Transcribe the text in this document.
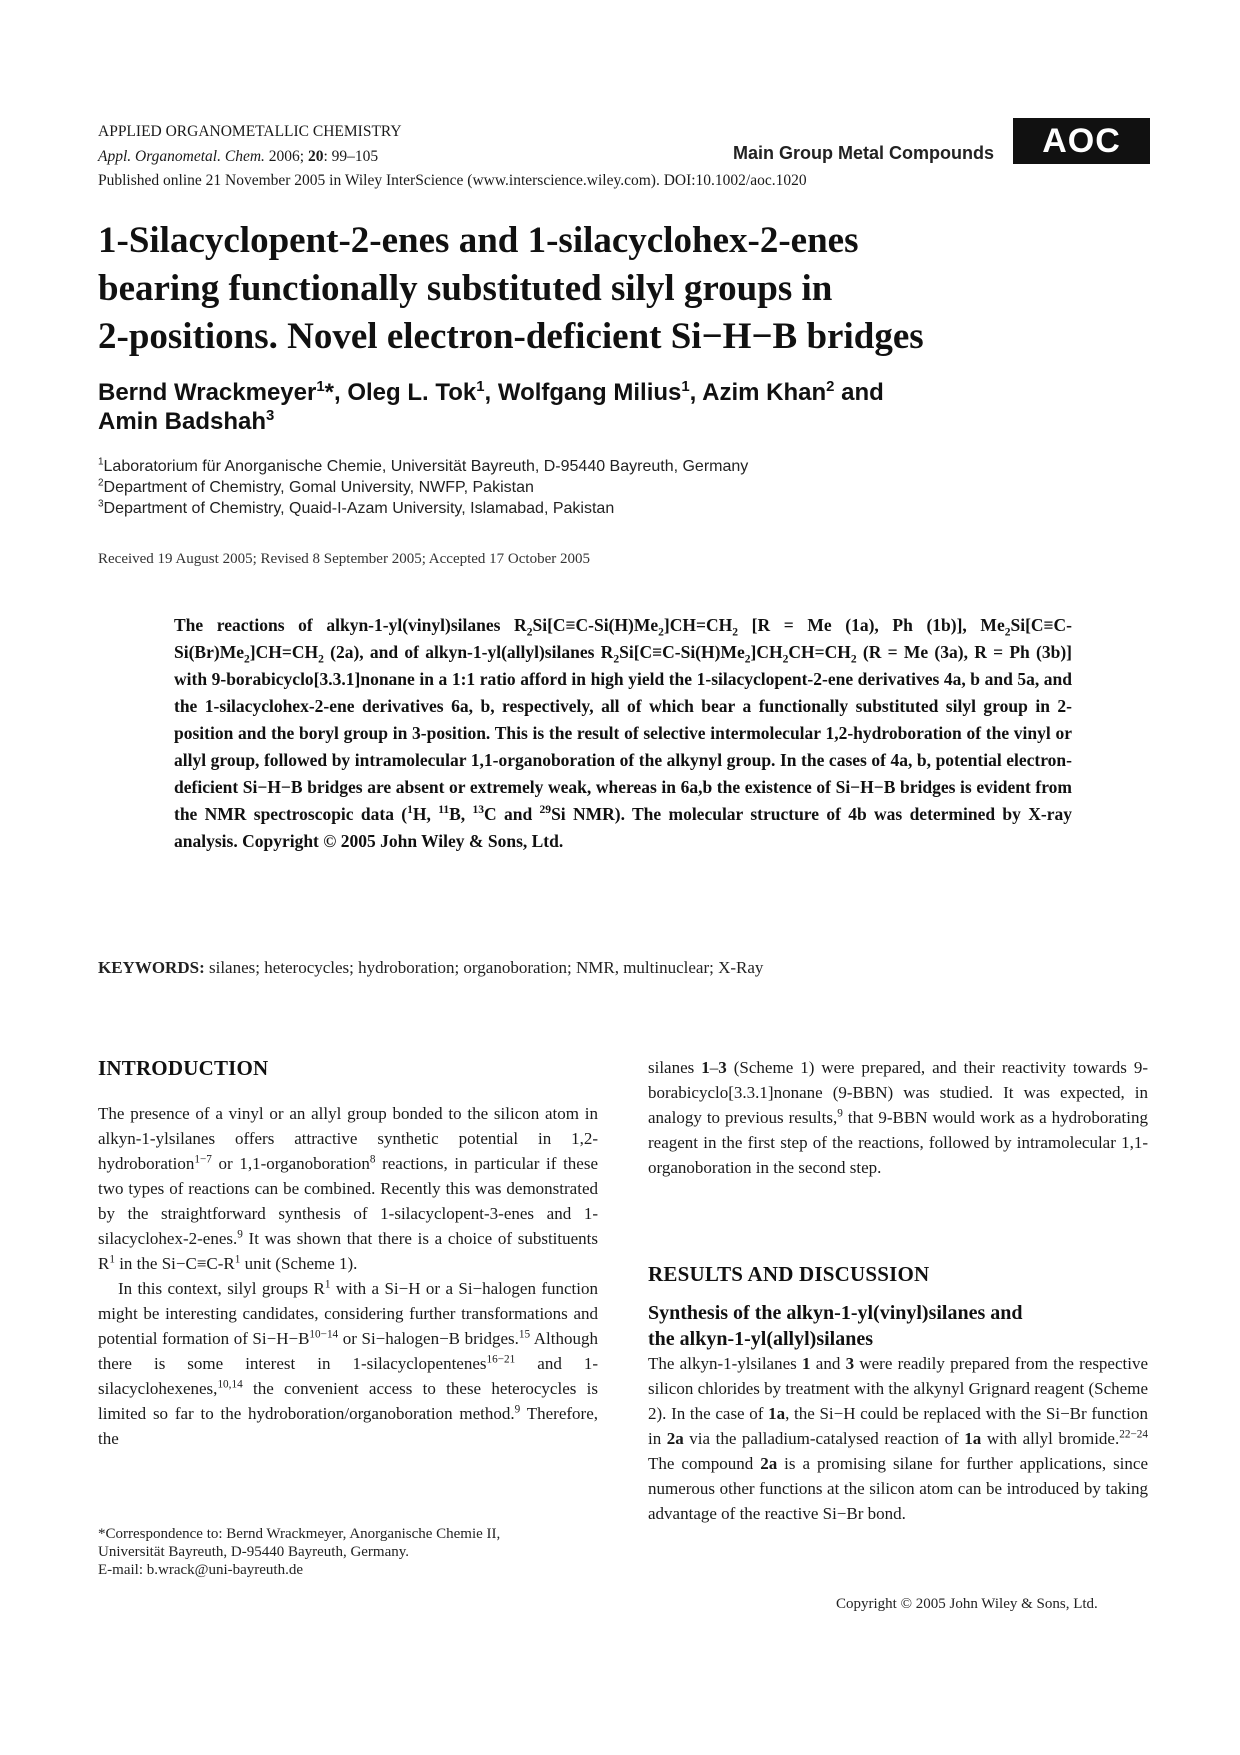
APPLIED ORGANOMETALLIC CHEMISTRY
Appl. Organometal. Chem. 2006; 20: 99–105
Published online 21 November 2005 in Wiley InterScience (www.interscience.wiley.com). DOI:10.1002/aoc.1020
Main Group Metal Compounds	AOC
1-Silacyclopent-2-enes and 1-silacyclohex-2-enes
bearing functionally substituted silyl groups in
2-positions. Novel electron-deficient Si−H−B bridges
Bernd Wrackmeyer$^1$*, Oleg L. Tok$^1$, Wolfgang Milius$^1$, Azim Khan$^2$ and
Amin Badshah$^3$
$^1$Laboratorium für Anorganische Chemie, Universität Bayreuth, D-95440 Bayreuth, Germany
$^2$Department of Chemistry, Gomal University, NWFP, Pakistan
$^3$Department of Chemistry, Quaid-I-Azam University, Islamabad, Pakistan
Received 19 August 2005; Revised 8 September 2005; Accepted 17 October 2005
The reactions of alkyn-1-yl(vinyl)silanes $R_2Si[C\equiv C-Si(H)Me_2]CH=CH_2$ [R = Me (1a), Ph (1b)], $Me_2Si[C\equiv C-Si(Br)Me_2]CH=CH_2$ (2a), and of alkyn-1-yl(allyl)silanes $R_2Si[C\equiv C-Si(H)Me_2]CH_2CH=CH_2$ (R = Me (3a), R = Ph (3b)] with 9-borabicyclo[3.3.1]nonane in a 1:1 ratio afford in high yield the 1-silacyclopent-2-ene derivatives 4a, b and 5a, and the 1-silacyclohex-2-ene derivatives 6a, b, respectively, all of which bear a functionally substituted silyl group in 2-position and the boryl group in 3-position. This is the result of selective intermolecular 1,2-hydroboration of the vinyl or allyl group, followed by intramolecular 1,1-organoboration of the alkynyl group. In the cases of 4a, b, potential electron-deficient Si−H−B bridges are absent or extremely weak, whereas in 6a,b the existence of Si−H−B bridges is evident from the NMR spectroscopic data ($^1$H, $^{11}$B, $^{13}$C and $^{29}$Si NMR). The molecular structure of 4b was determined by X-ray analysis. Copyright © 2005 John Wiley & Sons, Ltd.
KEYWORDS: silanes; heterocycles; hydroboration; organoboration; NMR, multinuclear; X-Ray
INTRODUCTION

The presence of a vinyl or an allyl group bonded to the silicon atom in alkyn-1-ylsilanes offers attractive synthetic potential in 1,2-hydroboration$^{1-7}$ or 1,1-organoboration$^8$ reactions, in particular if these two types of reactions can be combined. Recently this was demonstrated by the straightforward synthesis of 1-silacyclopent-3-enes and 1-silacyclohex-2-enes.$^9$ It was shown that there is a choice of substituents $R^1$ in the $Si-C\equiv C-R^1$ unit (Scheme 1).

In this context, silyl groups $R^1$ with a Si−H or a Si−halogen function might be interesting candidates, considering further transformations and potential formation of $Si-H-B^{10-14}$ or Si−halogen−B bridges.$^{15}$ Although there is some interest in 1-silacyclopentenes$^{16-21}$ and 1-silacyclohexenes,$^{10,14}$ the convenient access to these heterocycles is limited so far to the hydroboration/organoboration method.$^9$ Therefore, the

*Correspondence to: Bernd Wrackmeyer, Anorganische Chemie II,
Universität Bayreuth, D-95440 Bayreuth, Germany.
E-mail: b.wrack@uni-bayreuth.de

silanes 1–3 (Scheme 1) were prepared, and their reactivity towards 9-borabicyclo[3.3.1]nonane (9-BBN) was studied. It was expected, in analogy to previous results,$^9$ that 9-BBN would work as a hydroborating reagent in the first step of the reactions, followed by intramolecular 1,1-organoboration in the second step.

RESULTS AND DISCUSSION
Synthesis of the alkyn-1-yl(vinyl)silanes and
the alkyn-1-yl(allyl)silanes

The alkyn-1-ylsilanes 1 and 3 were readily prepared from the respective silicon chlorides by treatment with the alkynyl Grignard reagent (Scheme 2). In the case of 1a, the Si−H could be replaced with the Si−Br function in 2a via the palladium-catalysed reaction of 1a with allyl bromide.$^{22-24}$ The compound 2a is a promising silane for further applications, since numerous other functions at the silicon atom can be introduced by taking advantage of the reactive Si−Br bond.

Copyright © 2005 John Wiley & Sons, Ltd.
